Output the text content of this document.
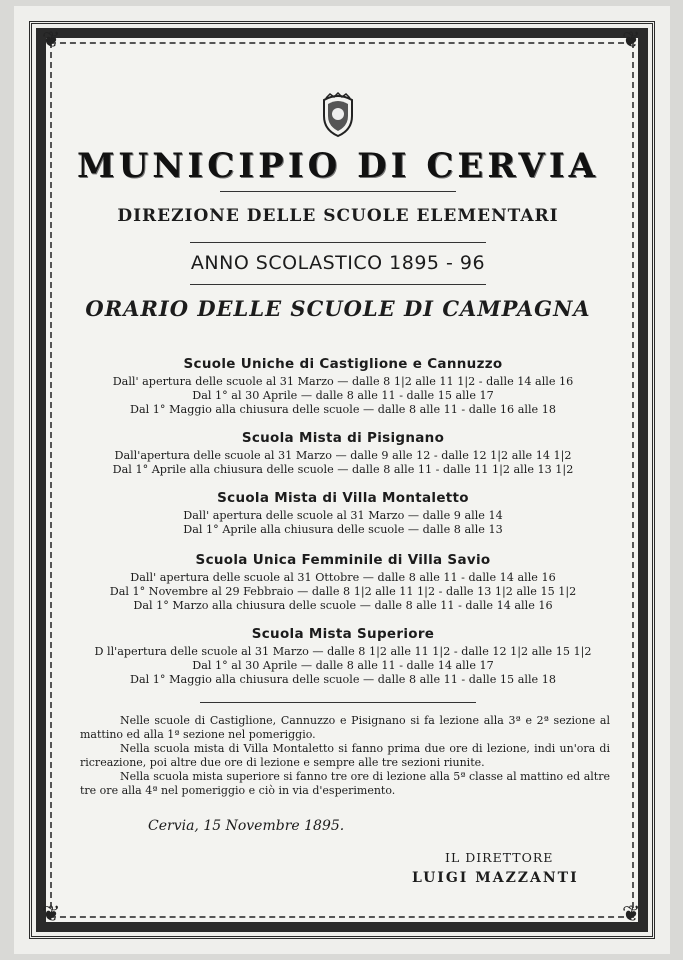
❦	❦
❦	❦
MUNICIPIO DI CERVIA
DIREZIONE DELLE SCUOLE ELEMENTARI
ANNO SCOLASTICO 1895 - 96
ORARIO DELLE SCUOLE DI CAMPAGNA
Scuole Uniche di Castiglione e Cannuzzo
Dall' apertura delle scuole al 31 Marzo — dalle 8 1|2 alle 11 1|2 - dalle 14 alle 16
Dal 1° al 30 Aprile — dalle 8 alle 11 - dalle 15 alle 17
Dal 1° Maggio alla chiusura delle scuole — dalle 8 alle 11 - dalle 16 alle 18
Scuola Mista di Pisignano
Dall'apertura delle scuole al 31 Marzo — dalle 9 alle 12 - dalle 12 1|2 alle 14 1|2
Dal 1° Aprile alla chiusura delle scuole — dalle 8 alle 11 - dalle 11 1|2 alle 13 1|2
Scuola Mista di Villa Montaletto
Dall' apertura delle scuole al 31 Marzo — dalle 9 alle 14
Dal 1° Aprile alla chiusura delle scuole — dalle 8 alle 13
Scuola Unica Femminile di Villa Savio
Dall' apertura delle scuole al 31 Ottobre — dalle 8 alle 11 - dalle 14 alle 16
Dal 1° Novembre al 29 Febbraio — dalle 8 1|2 alle 11 1|2 - dalle 13 1|2 alle 15 1|2
Dal 1° Marzo alla chiusura delle scuole — dalle 8 alle 11 - dalle 14 alle 16
Scuola Mista Superiore
D ll'apertura delle scuole al 31 Marzo — dalle 8 1|2 alle 11 1|2 - dalle 12 1|2 alle 15 1|2
Dal 1° al 30 Aprile — dalle 8 alle 11 - dalle 14 alle 17
Dal 1° Maggio alla chiusura delle scuole — dalle 8 alle 11 - dalle 15 alle 18

Nelle scuole di Castiglione, Cannuzzo e Pisignano si fa lezione alla 3ª e 2ª sezione al mattino ed alla 1ª sezione nel pomeriggio.

Nella scuola mista di Villa Montaletto si fanno prima due ore di lezione, indi un'ora di ricreazione, poi altre due ore di lezione e sempre alle tre sezioni riunite.

Nella scuola mista superiore si fanno tre ore di lezione alla 5ª classe al mattino ed altre tre ore alla 4ª nel pomeriggio e ciò in via d'esperimento.

Cervia, 15 Novembre 1895.
IL DIRETTORE
LUIGI MAZZANTI
